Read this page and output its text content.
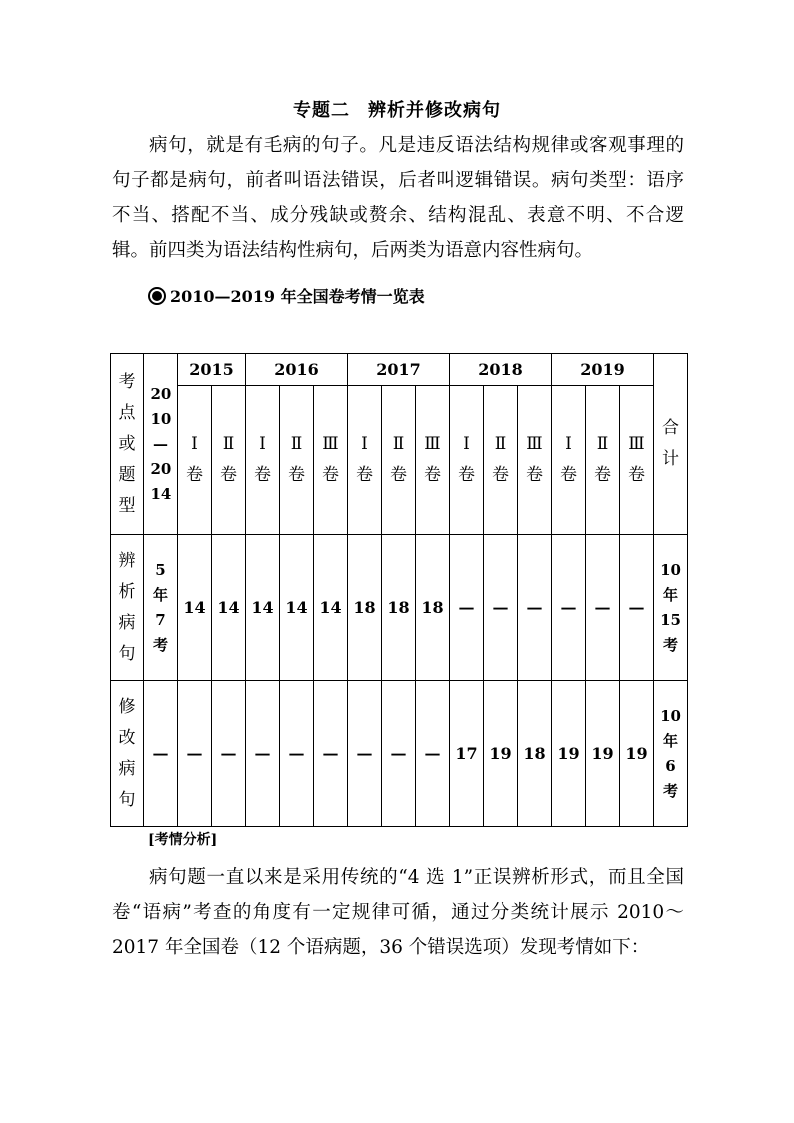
专题二 辨析并修改病句

病句，就是有毛病的句子。凡是违反语法结构规律或客观事理的句子都是病句，前者叫语法错误，后者叫逻辑错误。病句类型：语序不当、搭配不当、成分残缺或赘余、结构混乱、表意不明、不合逻辑。前四类为语法结构性病句，后两类为语意内容性病句。

2010—2019 年全国卷考情一览表
考点或题型	20 10 — 20 14	2015		2016			2017			2018			2019			合计
		Ⅰ卷	Ⅱ卷	Ⅰ卷	Ⅱ卷	Ⅲ卷	Ⅰ卷	Ⅱ卷	Ⅲ卷	Ⅰ卷	Ⅱ卷	Ⅲ卷	Ⅰ卷	Ⅱ卷	Ⅲ卷	
辨析病句	5年7考	14	14	14	14	14	18	18	18	—	—	—	—	—	—	10年15考
修改病句	—	—	—	—	—	—	—	—	—	17	19	18	19	19	19	10年6考
[考情分析]

病句题一直以来是采用传统的“4 选 1”正误辨析形式，而且全国卷“语病”考查的角度有一定规律可循，通过分类统计展示 2010～2017 年全国卷（12 个语病题，36 个错误选项）发现考情如下：
